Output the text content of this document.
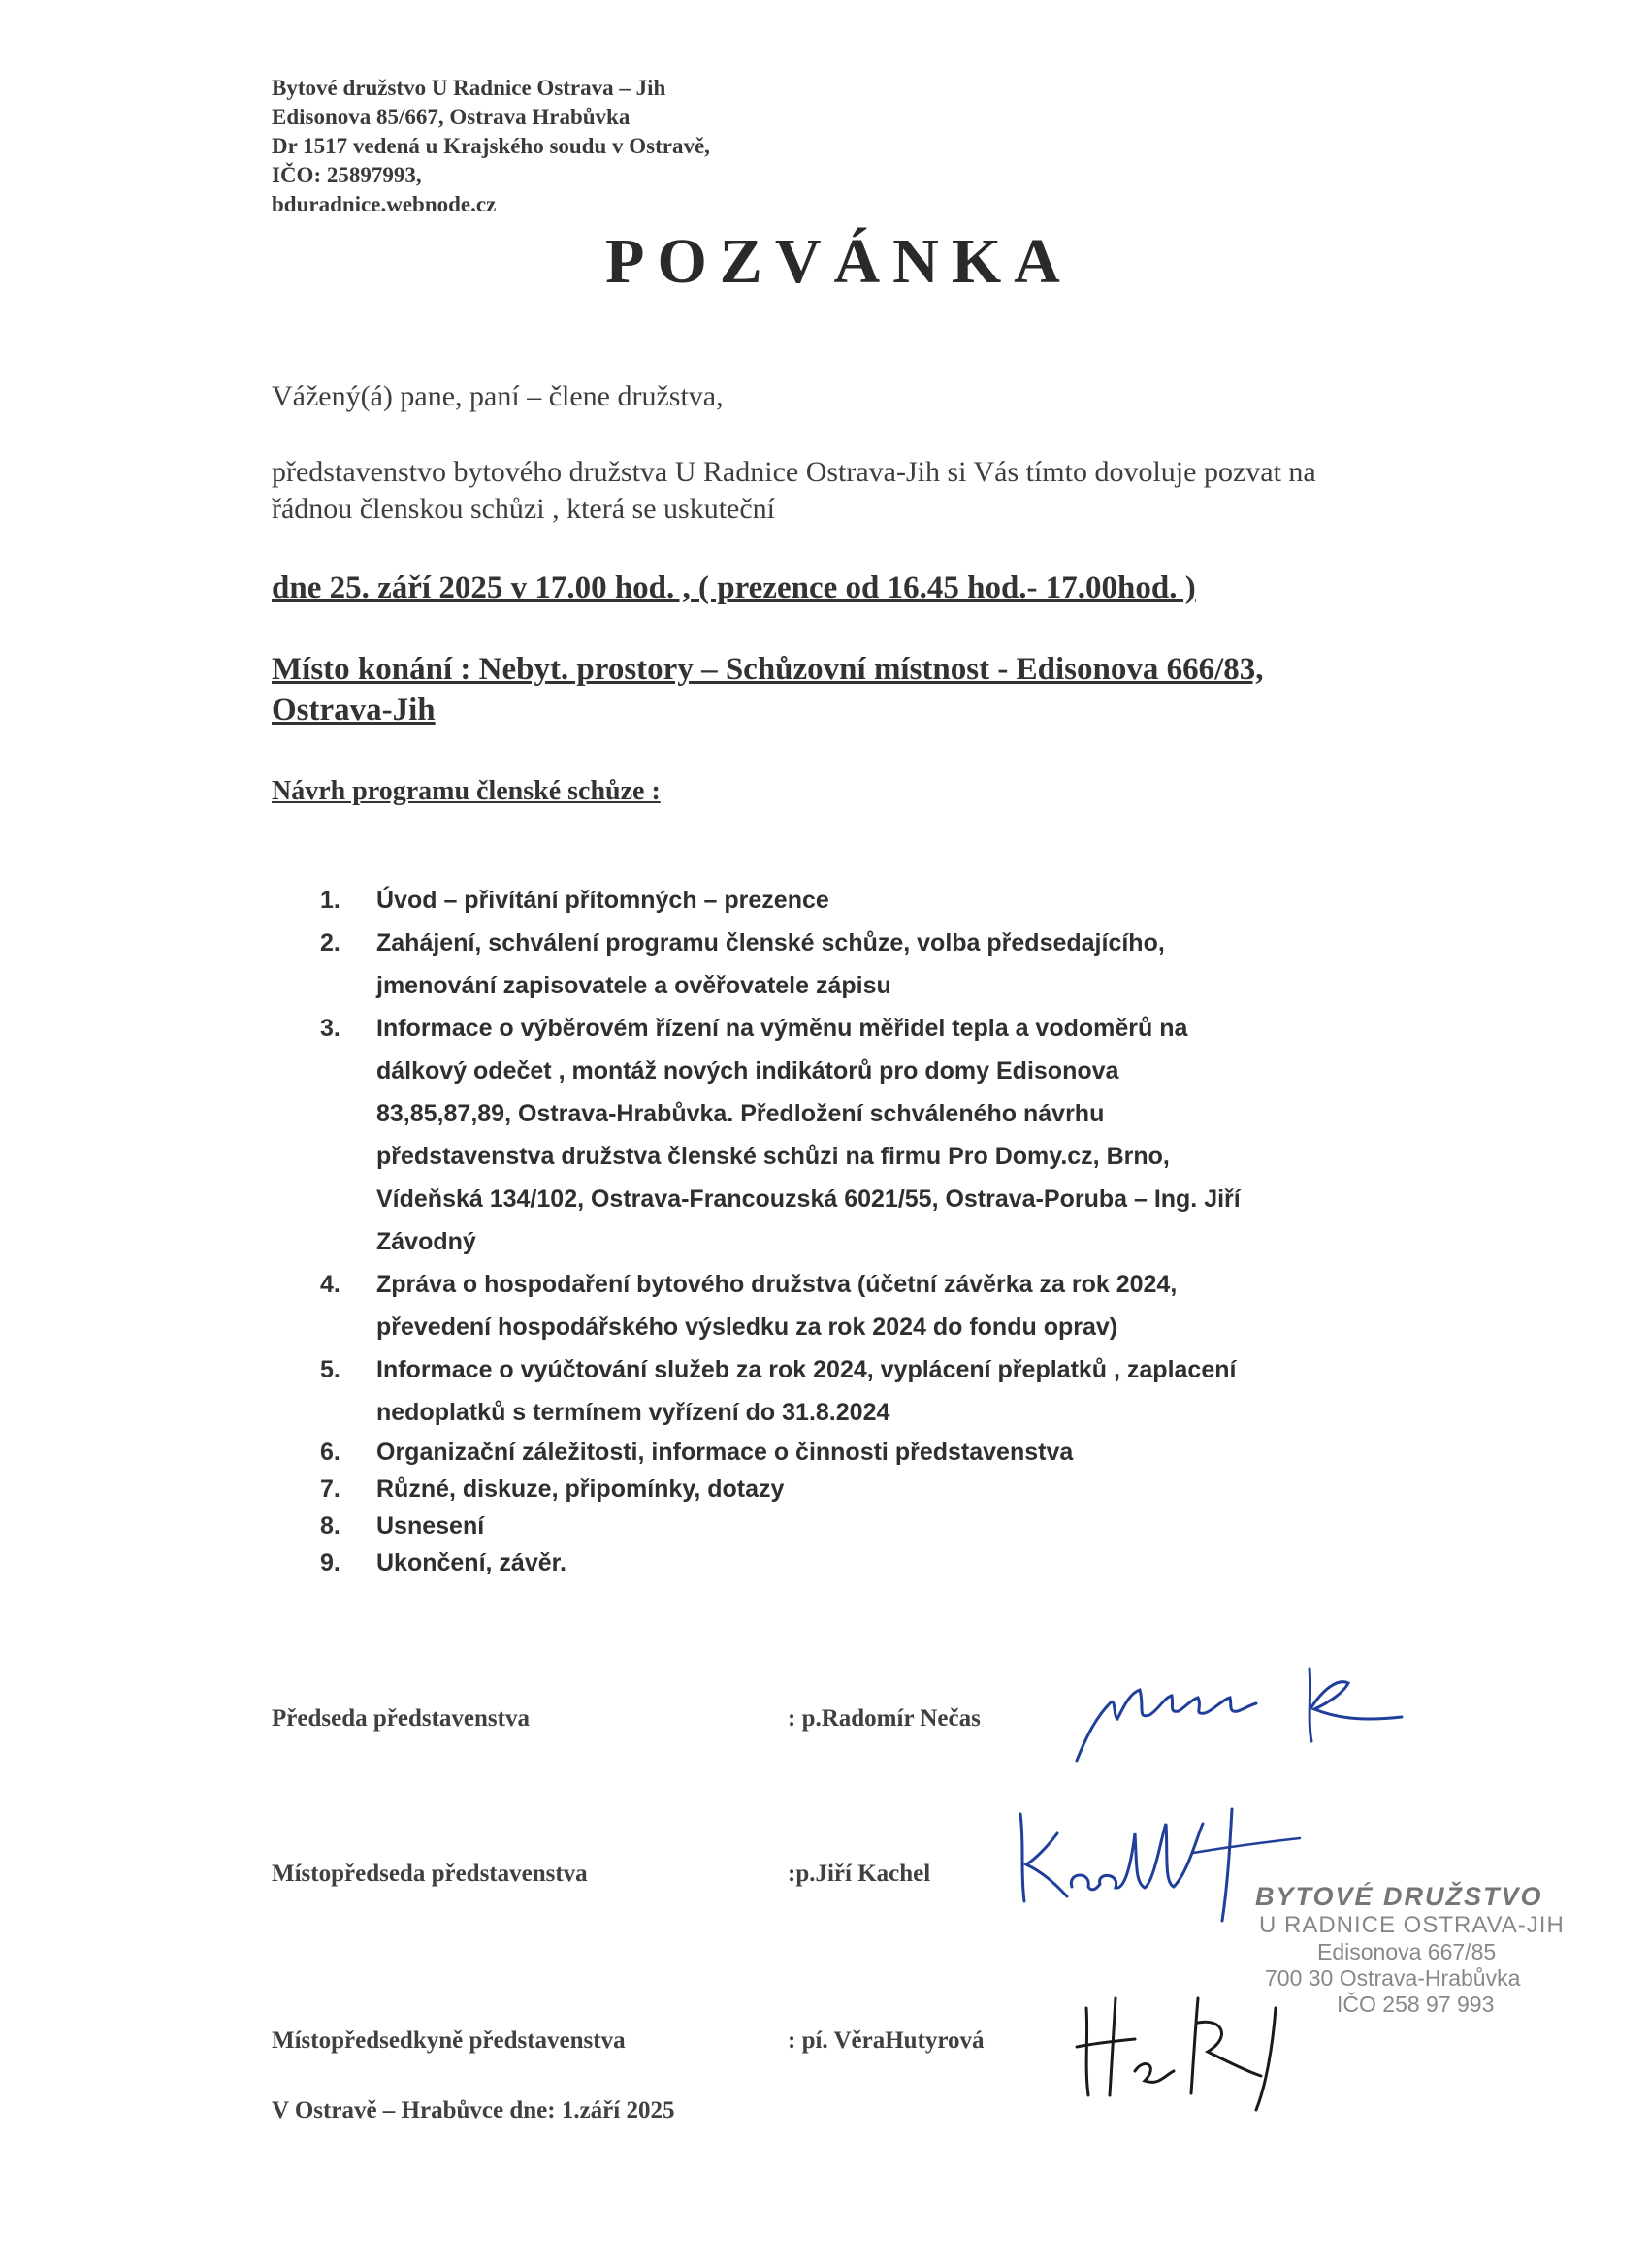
Bytové družstvo U Radnice Ostrava – Jih
Edisonova 85/667, Ostrava Hrabůvka
Dr 1517 vedená u Krajského soudu v Ostravě,
IČO: 25897993,
bduradnice.webnode.cz
POZVÁNKA
Vážený(á) pane, paní – člene družstva,
představenstvo bytového družstva U Radnice Ostrava-Jih si Vás tímto dovoluje pozvat na
řádnou členskou schůzi , která se uskuteční
dne 25. září 2025 v 17.00 hod. , ( prezence od 16.45 hod.- 17.00hod. )
Místo konání : Nebyt. prostory – Schůzovní místnost - Edisonova 666/83,
Ostrava-Jih
Návrh programu členské schůze :
1.	Úvod – přivítání přítomných – prezence
2.	Zahájení, schválení programu členské schůze, volba předsedajícího,
jmenování zapisovatele a ověřovatele zápisu
3.	Informace o výběrovém řízení na výměnu měřidel tepla a vodoměrů na
dálkový odečet , montáž nových indikátorů pro domy Edisonova
83,85,87,89, Ostrava-Hrabůvka. Předložení schváleného návrhu
představenstva družstva členské schůzi na firmu Pro Domy.cz, Brno,
Vídeňská 134/102, Ostrava-Francouzská 6021/55, Ostrava-Poruba – Ing. Jiří
Závodný
4.	Zpráva o hospodaření bytového družstva (účetní závěrka za rok 2024,
převedení hospodářského výsledku za rok 2024 do fondu oprav)
5.	Informace o vyúčtování služeb za rok 2024, vyplácení přeplatků , zaplacení
nedoplatků s termínem vyřízení do 31.8.2024
6.	Organizační záležitosti, informace o činnosti představenstva
7.	Různé, diskuze, připomínky, dotazy
8.	Usnesení
9.	Ukončení, závěr.
Předseda představenstva	: p.Radomír Nečas
Místopředseda představenstva	:p.Jiří Kachel
Místopředsedkyně představenstva	: pí. VěraHutyrová
V Ostravě – Hrabůvce dne: 1.září 2025
BYTOVÉ DRUŽSTVO
U RADNICE OSTRAVA-JIH
Edisonova 667/85
700 30 Ostrava-Hrabůvka
IČO 258 97 993
